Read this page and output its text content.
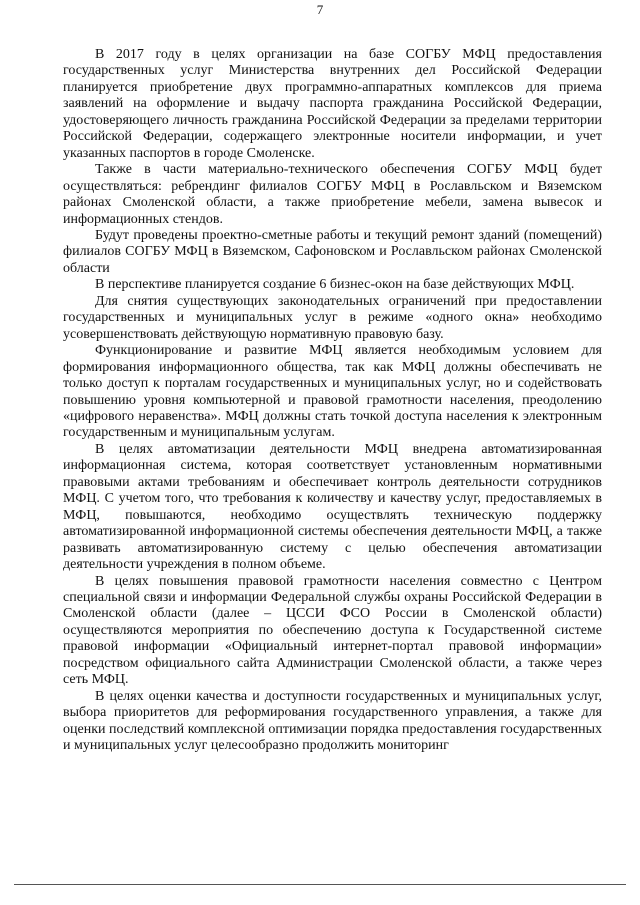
7

В 2017 году в целях организации на базе СОГБУ МФЦ предоставления государственных услуг Министерства внутренних дел Российской Федерации планируется приобретение двух программно-аппаратных комплексов для приема заявлений на оформление и выдачу паспорта гражданина Российской Федерации, удостоверяющего личность гражданина Российской Федерации за пределами территории Российской Федерации, содержащего электронные носители информации, и учет указанных паспортов в городе Смоленске.

Также в части материально-технического обеспечения СОГБУ МФЦ будет осуществляться: ребрендинг филиалов СОГБУ МФЦ в Рославльском и Вяземском районах Смоленской области, а также приобретение мебели, замена вывесок и информационных стендов.

Будут проведены проектно-сметные работы и текущий ремонт зданий (помещений) филиалов СОГБУ МФЦ в Вяземском, Сафоновском и Рославльском районах Смоленской области

В перспективе планируется создание 6 бизнес-окон на базе действующих МФЦ.

Для снятия существующих законодательных ограничений при предоставлении государственных и муниципальных услуг в режиме «одного окна» необходимо усовершенствовать действующую нормативную правовую базу.

Функционирование и развитие МФЦ является необходимым условием для формирования информационного общества, так как МФЦ должны обеспечивать не только доступ к порталам государственных и муниципальных услуг, но и содействовать повышению уровня компьютерной и правовой грамотности населения, преодолению «цифрового неравенства». МФЦ должны стать точкой доступа населения к электронным государственным и муниципальным услугам.

В целях автоматизации деятельности МФЦ внедрена автоматизированная информационная система, которая соответствует установленным нормативными правовыми актами требованиям и обеспечивает контроль деятельности сотрудников МФЦ. С учетом того, что требования к количеству и качеству услуг, предоставляемых в МФЦ, повышаются, необходимо осуществлять техническую поддержку автоматизированной информационной системы обеспечения деятельности МФЦ, а также развивать автоматизированную систему с целью обеспечения автоматизации деятельности учреждения в полном объеме.

В целях повышения правовой грамотности населения совместно с Центром специальной связи и информации Федеральной службы охраны Российской Федерации в Смоленской области (далее – ЦССИ ФСО России в Смоленской области) осуществляются мероприятия по обеспечению доступа к Государственной системе правовой информации «Официальный интернет-портал правовой информации» посредством официального сайта Администрации Смоленской области, а также через сеть МФЦ.

В целях оценки качества и доступности государственных и муниципальных услуг, выбора приоритетов для реформирования государственного управления, а также для оценки последствий комплексной оптимизации порядка предоставления государственных и муниципальных услуг целесообразно продолжить мониторинг
